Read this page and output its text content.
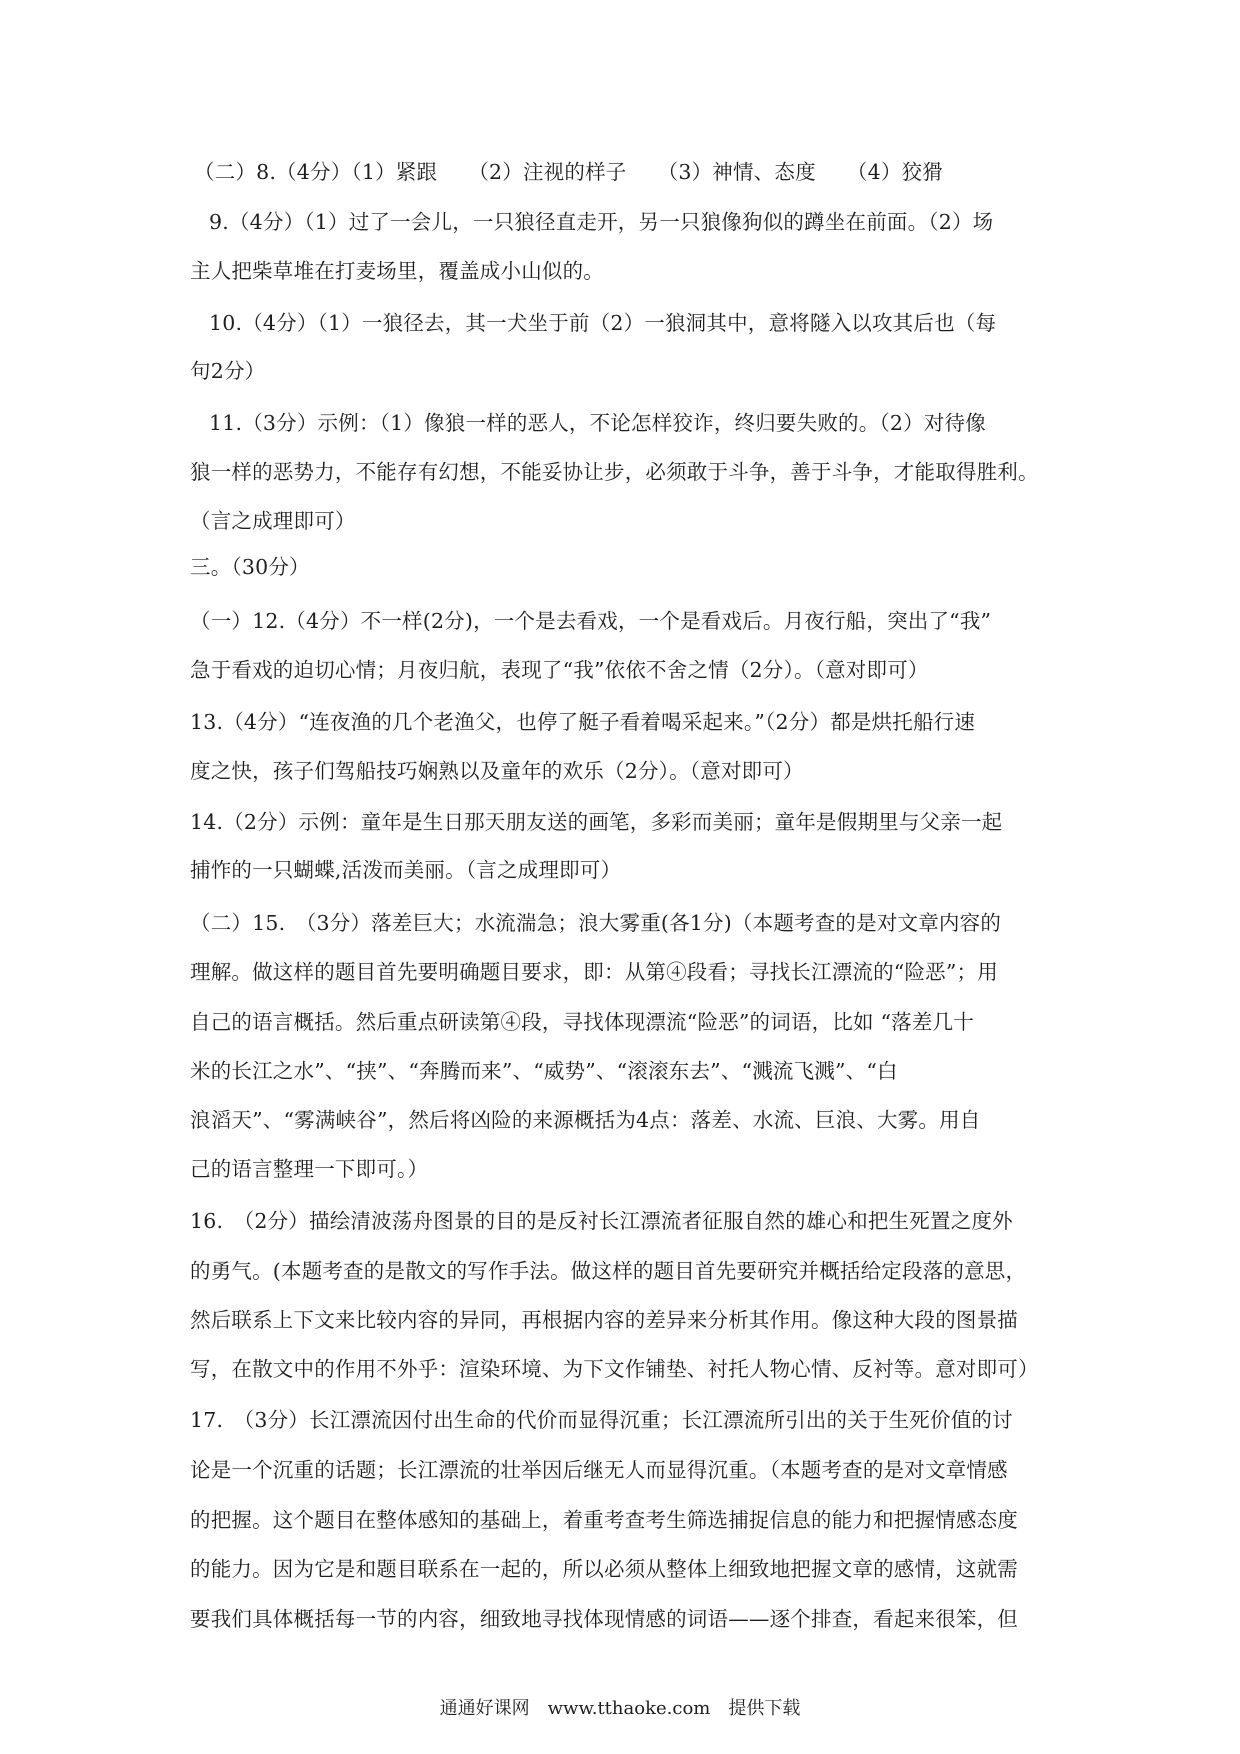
（二）8.（4分）（1）紧跟　　（2）注视的样子　　（3）神情、态度　　（4）狡猾
9.（4分）（1）过了一会儿，一只狼径直走开，另一只狼像狗似的蹲坐在前面。（2）场
主人把柴草堆在打麦场里，覆盖成小山似的。
10.（4分）（1）一狼径去，其一犬坐于前（2）一狼洞其中，意将隧入以攻其后也（每
句2分）
11.（3分）示例：（1）像狼一样的恶人，不论怎样狡诈，终归要失败的。（2）对待像
狼一样的恶势力，不能存有幻想，不能妥协让步，必须敢于斗争，善于斗争，才能取得胜利。
（言之成理即可）
三。（30分）
（一）12.（4分）不一样(2分)，一个是去看戏，一个是看戏后。月夜行船，突出了“我”
急于看戏的迫切心情；月夜归航，表现了“我”依依不舍之情（2分）。（意对即可）
13.（4分）“连夜渔的几个老渔父，也停了艇子看着喝采起来。”（2分）都是烘托船行速
度之快，孩子们驾船技巧娴熟以及童年的欢乐（2分）。（意对即可）
14.（2分）示例：童年是生日那天朋友送的画笔，多彩而美丽；童年是假期里与父亲一起
捕怍的一只蝴蝶,活泼而美丽。（言之成理即可）
（二）15.　（3分）落差巨大；水流湍急；浪大雾重(各1分)（本题考查的是对文章内容的
理解。做这样的题目首先要明确题目要求，即：从第④段看；寻找长江漂流的“险恶”；用
自己的语言概括。然后重点研读第④段，寻找体现漂流“险恶”的词语，比如 “落差几十
米的长江之水”、“挟”、“奔腾而来”、“威势”、“滚滚东去”、“溅流飞溅”、“白
浪滔天”、“雾满峡谷”，然后将凶险的来源概括为4点：落差、水流、巨浪、大雾。用自
己的语言整理一下即可。）
16.　（2分）描绘清波荡舟图景的目的是反衬长江漂流者征服自然的雄心和把生死置之度外
的勇气。(本题考查的是散文的写作手法。做这样的题目首先要研究并概括给定段落的意思，
然后联系上下文来比较内容的异同，再根据内容的差异来分析其作用。像这种大段的图景描
写，在散文中的作用不外乎：渲染环境、为下文作铺垫、衬托人物心情、反衬等。意对即可）
17.　（3分）长江漂流因付出生命的代价而显得沉重；长江漂流所引出的关于生死价值的讨
论是一个沉重的话题；长江漂流的壮举因后继无人而显得沉重。（本题考查的是对文章情感
的把握。这个题目在整体感知的基础上，着重考查考生筛选捕捉信息的能力和把握情感态度
的能力。因为它是和题目联系在一起的，所以必须从整体上细致地把握文章的感情，这就需
要我们具体概括每一节的内容，细致地寻找体现情感的词语——逐个排查，看起来很笨，但
通通好课网　www.tthaoke.com　提供下载
